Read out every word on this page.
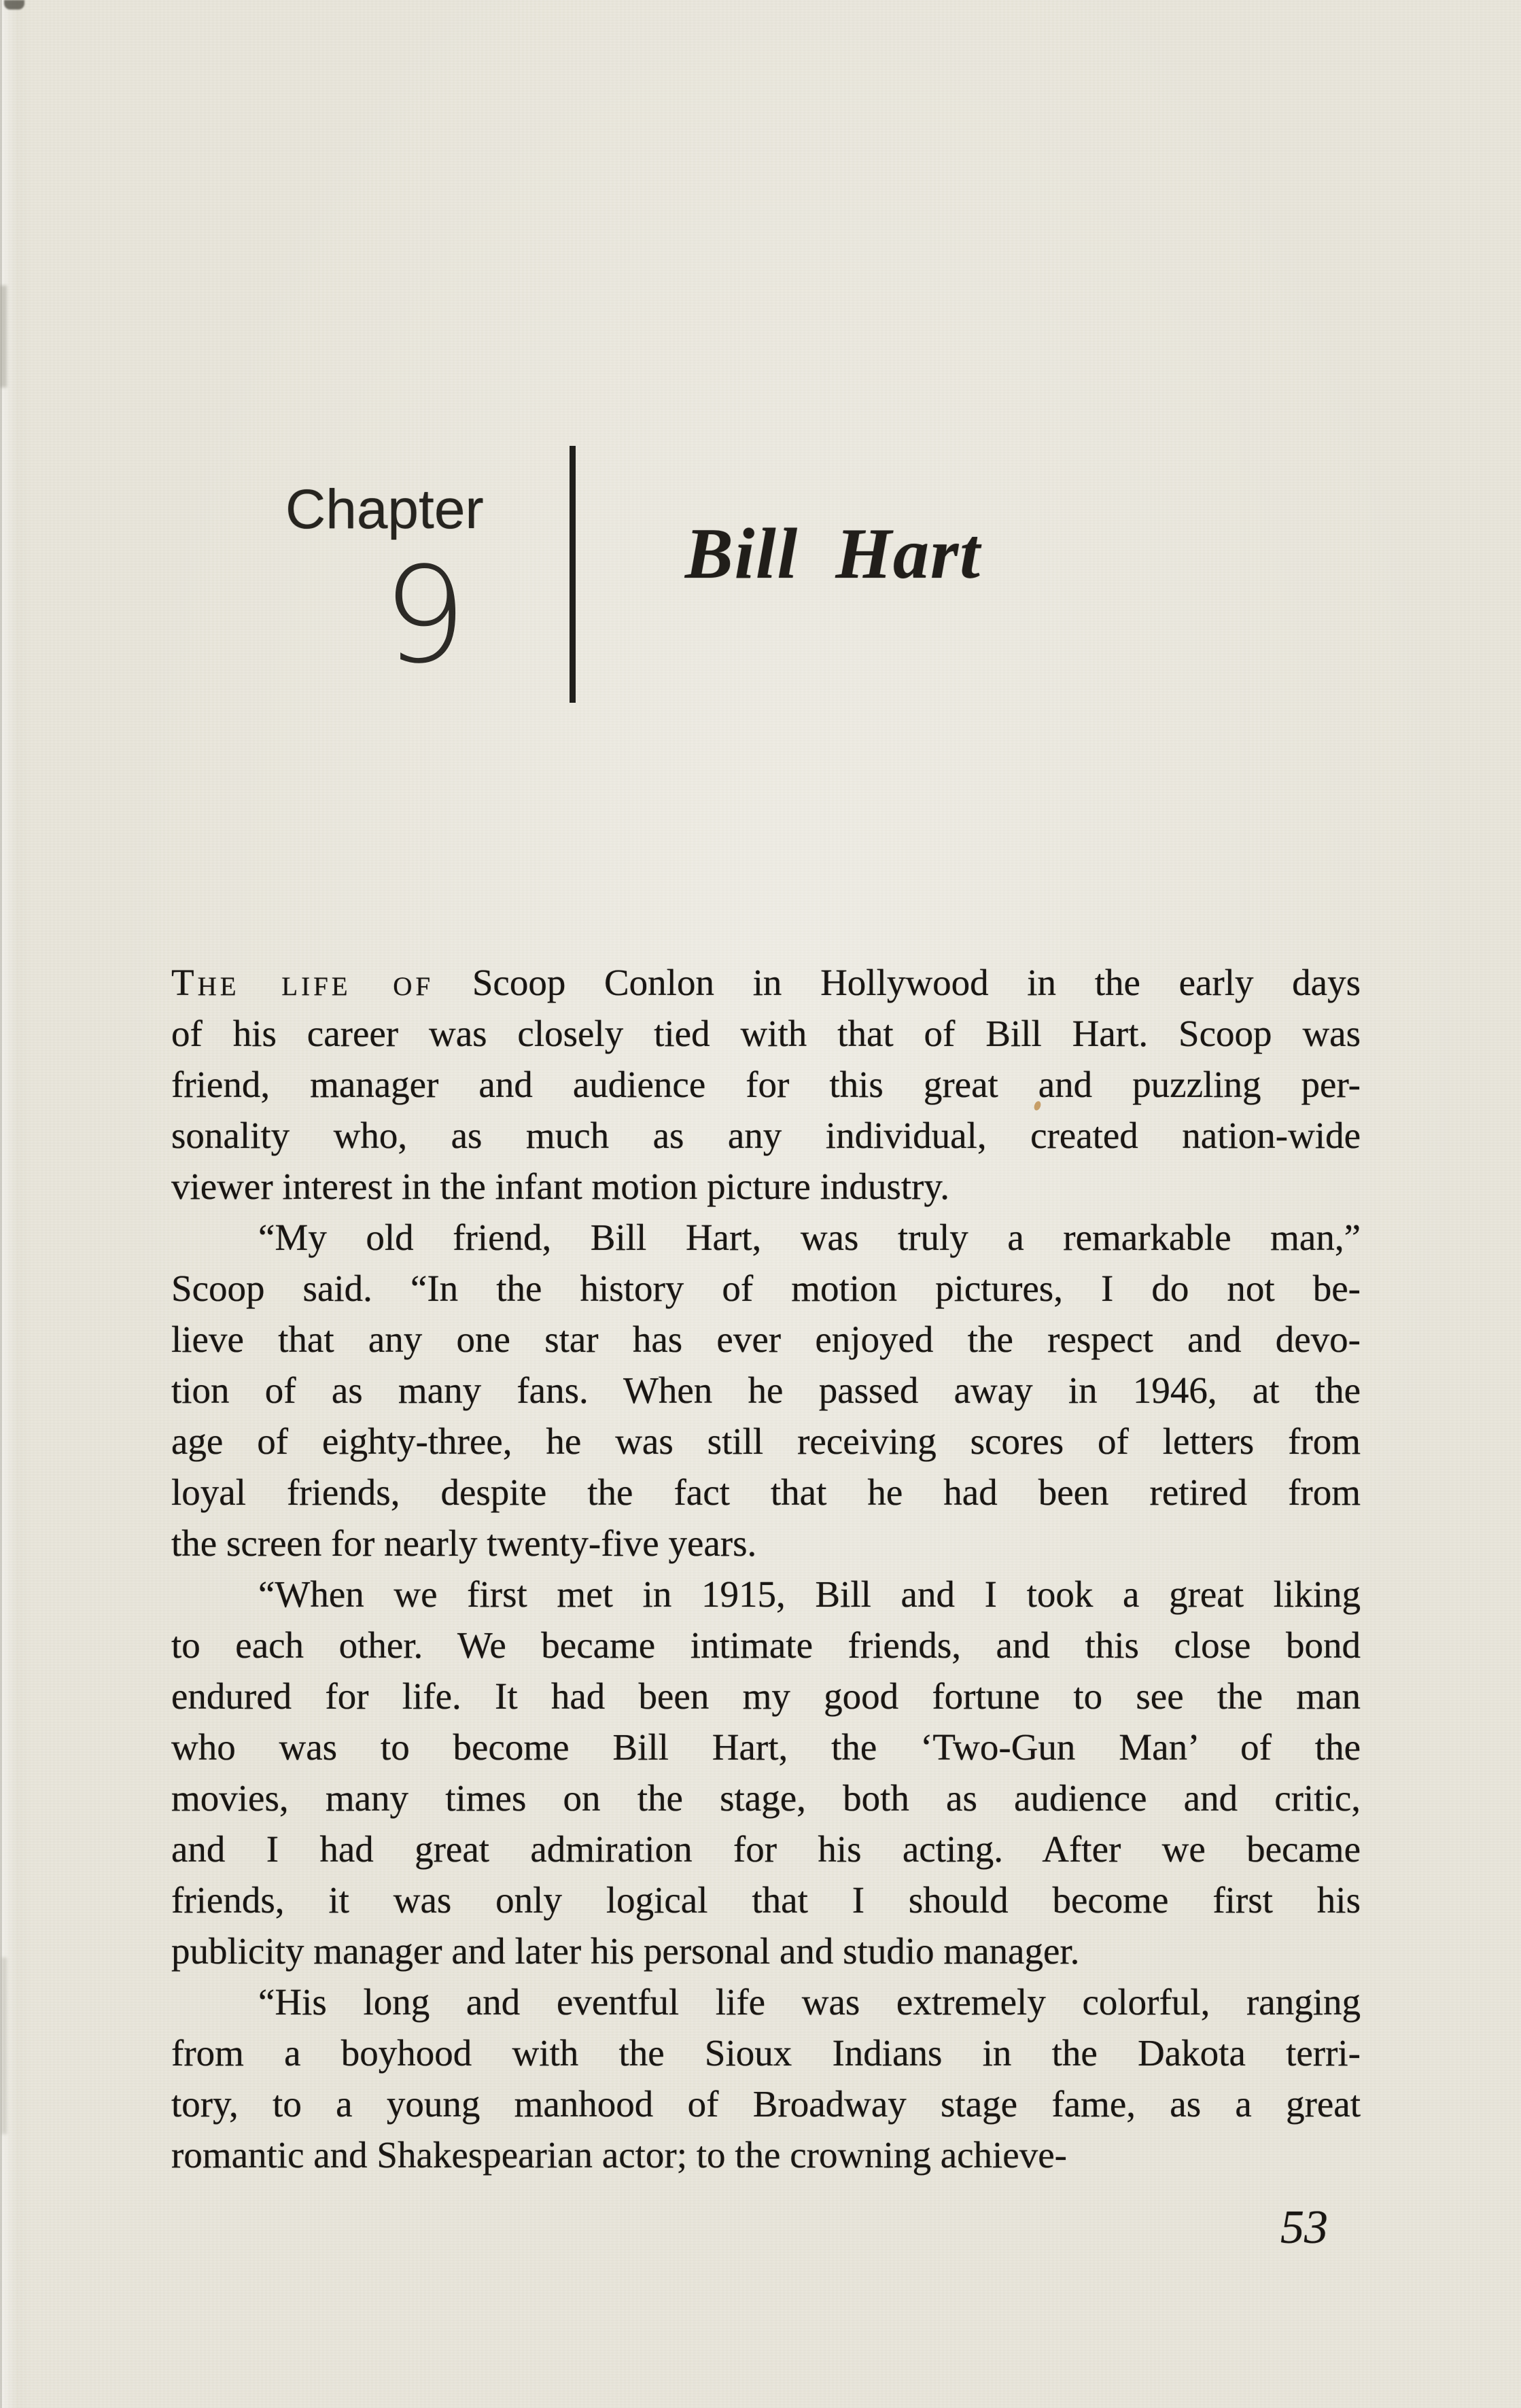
Chapter
9	Bill Hart
The life of Scoop Conlon in Hollywood in the early days
of his career was closely tied with that of Bill Hart. Scoop was
friend, manager and audience for this great and puzzling per-
sonality who, as much as any individual, created nation-wide
viewer interest in the infant motion picture industry.
“My old friend, Bill Hart, was truly a remarkable man,”
Scoop said. “In the history of motion pictures, I do not be-
lieve that any one star has ever enjoyed the respect and devo-
tion of as many fans. When he passed away in 1946, at the
age of eighty-three, he was still receiving scores of letters from
loyal friends, despite the fact that he had been retired from
the screen for nearly twenty-five years.
“When we first met in 1915, Bill and I took a great liking
to each other. We became intimate friends, and this close bond
endured for life. It had been my good fortune to see the man
who was to become Bill Hart, the ‘Two-Gun Man’ of the
movies, many times on the stage, both as audience and critic,
and I had great admiration for his acting. After we became
friends, it was only logical that I should become first his
publicity manager and later his personal and studio manager.
“His long and eventful life was extremely colorful, ranging
from a boyhood with the Sioux Indians in the Dakota terri-
tory, to a young manhood of Broadway stage fame, as a great
romantic and Shakespearian actor; to the crowning achieve-
53
